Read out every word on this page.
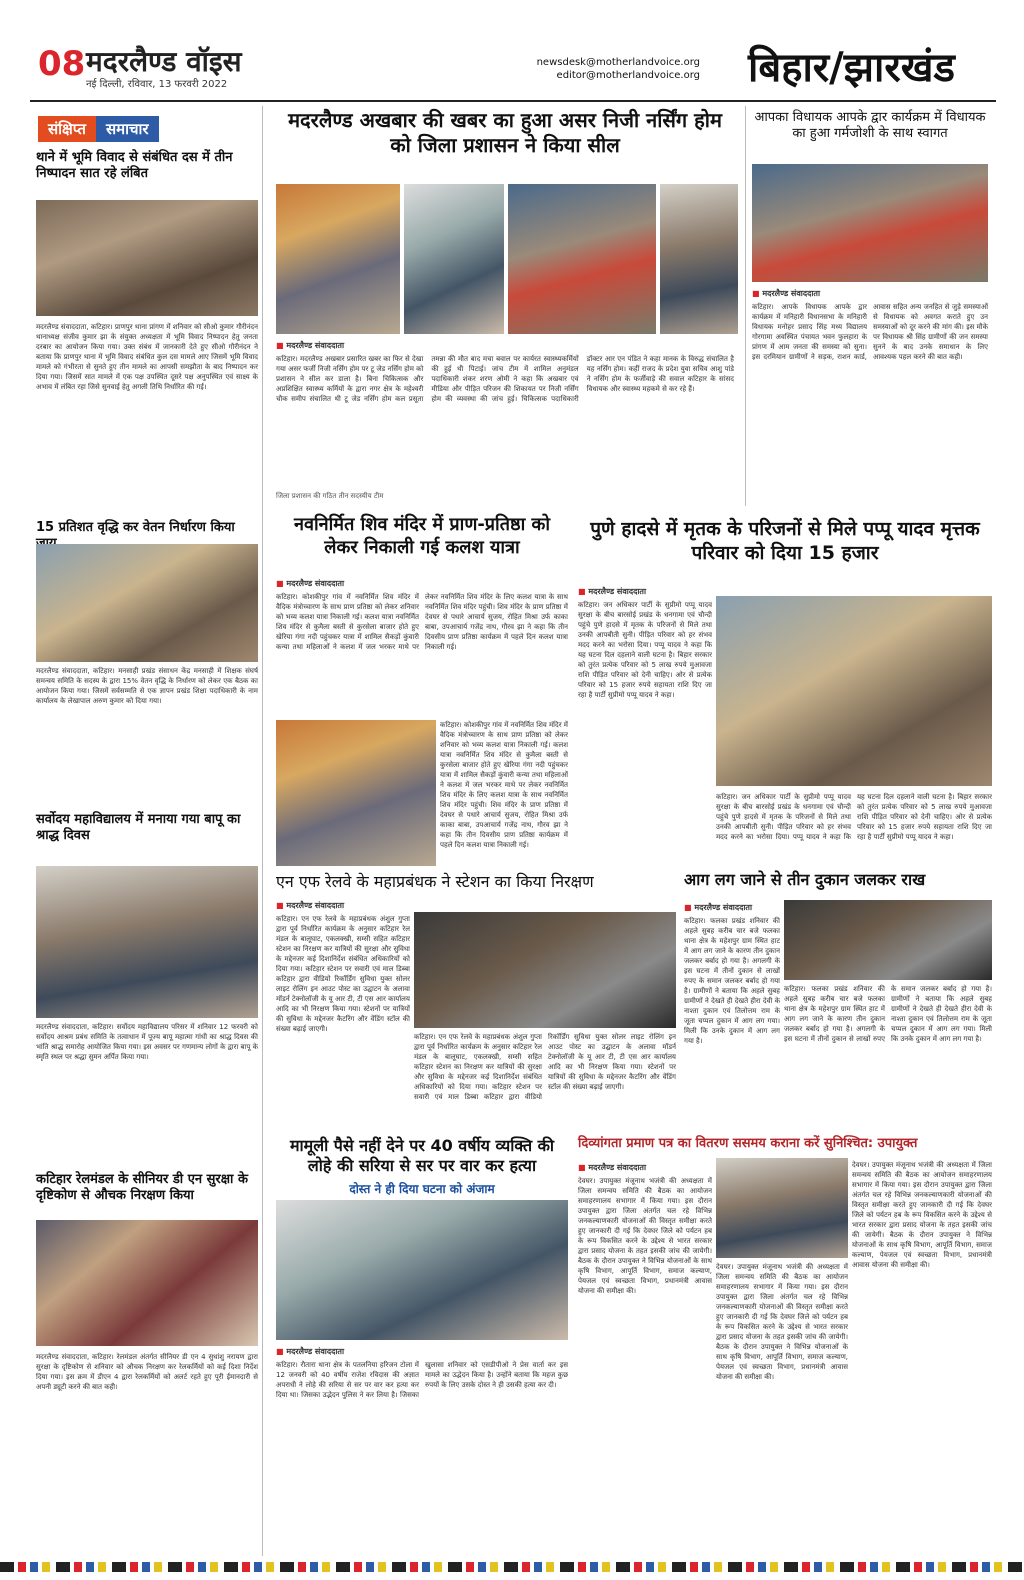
08 मदरलैण्ड वॉइस
नई दिल्ली, रविवार, 13 फरवरी 2022
newsdesk@motherlandvoice.org
editor@motherlandvoice.org बिहार/झारखंड
संक्षिप्त	समाचार
थाने में भूमि विवाद से संबंधित दस में तीन निष्पादन सात रहे लंबित
मदरलैण्ड संवाददाता, कटिहार। प्राणपुर थाना प्रांगण में शनिवार को सीओ कुमार गौरीनंदन थानाध्यक्ष संजीव कुमार झा के संयुक्त अध्यक्षता में भूमि विवाद निष्पादन हेतु जनता दरबार का आयोजन किया गया। उक्त संबंध में जानकारी देते हुए सीओ गौरीनंदन ने बताया कि प्राणपुर थाना में भूमि विवाद संबंधित कुल दस मामले आए जिसमें भूमि विवाद मामले को गंभीरता से सुनते हुए तीन मामले का आपसी समझौता के बाद निष्पादन कर दिया गया। जिसमें सात मामले में एक पक्ष उपस्थित दूसरे पक्ष अनुपस्थित एवं साक्ष्य के अभाव में लंबित रहा जिसे सुनवाई हेतु अगली तिथि निर्धारित की गई।
15 प्रतिशत वृद्धि कर वेतन निर्धारण किया
मदरलैण्ड संवाददाता, कटिहार। मनसाही प्रखंड संसाधन केंद्र मनसाही में शिक्षक संघर्ष समन्वय समिति के सदस्य के द्वारा 15% वेतन वृद्धि के निर्धारण को लेकर एक बैठक का आयोजन किया गया। जिसमें सर्वसम्मति से एक ज्ञापन प्रखंड शिक्षा पदाधिकारी के नाम कार्यालय के लेखापाल अरुण कुमार को दिया गया।
सर्वोदय महाविद्यालय में मनाया गया बापू का श्राद्ध दिवस
मदरलैण्ड संवाददाता, कटिहार। सर्वोदय महाविद्यालय परिसर में शनिवार 12 फरवरी को सर्वोदय आश्रम प्रबंध समिति के तत्वाधान में पूज्य बापू महात्मा गांधी का श्राद्ध दिवस की भांति श्राद्ध समारोह आयोजित किया गया। इस अवसर पर गणमान्य लोगों के द्वारा बापू के स्मृति स्थल पर श्रद्धा सुमन अर्पित किया गया।
कटिहार रेलमंडल के सीनियर डी एन सुरक्षा के दृष्टिकोण से औचक निरक्षण किया
मदरलैण्ड संवाददाता, कटिहार। रेलमंडल अंतर्गत सीनियर डी एन 4 सुधांशु नरायण द्वारा सुरक्षा के दृष्टिकोण से शनिवार को औचक निरक्षण कर रेलकर्मियों को कई दिशा निर्देश दिया गया। इस क्रम में डीएन 4 द्वारा रेलकर्मियों को अलर्ट रहते हुए पूरी ईमानदारी से अपनी ड्यूटी करने की बात कही।
मदरलैण्ड अखबार की खबर का हुआ असर निजी नर्सिंग होम को जिला प्रशासन ने किया सील
■ मदरलैण्ड संवाददाता
कटिहार। मदरलैण्ड अखबार प्रसारित खबर का फिर से देखा गया असर फर्जी निजी नर्सिंग होम पर टू जेड नर्सिंग होम को प्रशासन ने सील कर डाला है। बिना चिकित्सक और अप्रशिक्षित स्वास्थ्य कर्मियों के द्वारा नगर क्षेत्र के महेश्वरी चौक समीप संचालित थी टू जेड नर्सिंग होम कल प्रसूता तमन्ना की मौत बाद मचा बवाल पर कार्यरत स्वास्थ्यकर्मियों की हुई थी पिटाई। जांच टीम में शामिल अनुमंडल पदाधिकारी शंकर शरण ओमी ने कहा कि अखबार एवं मीडिया और पीड़ित परिजन की शिकायत पर निजी नर्सिंग होम की व्यवस्था की जांच हुई। चिकित्सक पदाधिकारी डॉक्टर आर एन पंडित ने कहा मानक के विरुद्ध संचालित है यह नर्सिंग होम। कहीं राजद के प्रदेश युवा सचिव आशु पांडे ने नर्सिंग होम के फर्जीवाड़े की सवाल कटिहार के सांसद विधायक और स्वास्थ्य महकमे से कर रहे हैं।
जिला प्रशासन की गठित तीन सदस्यीय टीम
आपका विधायक आपके द्वार कार्यक्रम में विधायक का हुआ गर्मजोशी के साथ स्वागत
■ मदरलैण्ड संवाददाता
कटिहार। आपके विधायक आपके द्वार कार्यक्रम में मनिहारी विधानसभा के मनिहारी विधायक मनोहर प्रसाद सिंह मध्य विद्यालय गोरगामा अवस्थित पंचायत भवन फुलहारा के प्रांगण में आम जनता की समस्या को सुना। इस दरमियान ग्रामीणों ने सड़क, राशन कार्ड, आवास सहित अन्य जनहित से जुड़े समस्याओं से विधायक को अवगत कराते हुए उन समस्याओं को दूर करने की मांग की। इस मौके पर विधायक श्री सिंह ग्रामीणों की जन समस्या सुनने के बाद उनके समाधान के लिए आवश्यक पहल करने की बात कही।
नवनिर्मित शिव मंदिर में प्राण-प्रतिष्ठा को लेकर निकाली गई कलश यात्रा
■ मदरलैण्ड संवाददाता
कटिहार। कोशकीपुर गांव में नवनिर्मित शिव मंदिर में वैदिक मंत्रोच्चारण के साथ प्राण प्रतिष्ठा को लेकर शनिवार को भव्य कलश यात्रा निकाली गई। कलश यात्रा नवनिर्मित शिव मंदिर से कुमैला बस्ती से कुरसेला बाजार होते हुए खेरिया गंगा नदी पहुंचकर यात्रा में शामिल सैकड़ों कुंवारी कन्या तथा महिलाओं ने कलश में जल भरकर माथे पर लेकर नवनिर्मित शिव मंदिर के लिए कलश यात्रा के साथ नवनिर्मित शिव मंदिर पहुंची। शिव मंदिर के प्राण प्रतिष्ठा में देवघर से पधारे आचार्य सुजय, रोहित मिश्रा उर्फ काका बाबा, उपआचार्य गजेंद्र नाथ, गौरव झा ने कहा कि तीन दिवसीय प्राण प्रतिष्ठा कार्यक्रम में पहले दिन कलश यात्रा निकाली गई।
कटिहार। कोशकीपुर गांव में नवनिर्मित शिव मंदिर में वैदिक मंत्रोच्चारण के साथ प्राण प्रतिष्ठा को लेकर शनिवार को भव्य कलश यात्रा निकाली गई। कलश यात्रा नवनिर्मित शिव मंदिर से कुमैला बस्ती से कुरसेला बाजार होते हुए खेरिया गंगा नदी पहुंचकर यात्रा में शामिल सैकड़ों कुंवारी कन्या तथा महिलाओं ने कलश में जल भरकर माथे पर लेकर नवनिर्मित शिव मंदिर के लिए कलश यात्रा के साथ नवनिर्मित शिव मंदिर पहुंची। शिव मंदिर के प्राण प्रतिष्ठा में देवघर से पधारे आचार्य सुजय, रोहित मिश्रा उर्फ काका बाबा, उपआचार्य गजेंद्र नाथ, गौरव झा ने कहा कि तीन दिवसीय प्राण प्रतिष्ठा कार्यक्रम में पहले दिन कलश यात्रा निकाली गई।
पुणे हादसे में मृतक के परिजनों से मिले पप्पू यादव मृत्तक परिवार को दिया 15 हजार
■ मदरलैण्ड संवाददाता
कटिहार। जन अधिकार पार्टी के सुप्रीमो पप्पू यादव सुरक्षा के बीच बारसोई प्रखंड के धनगामा एवं चौन्दी पहुंचे पुणे हादसे में मृतक के परिजनों से मिले तथा उनकी आपबीती सुनी। पीड़ित परिवार को हर संभव मदद करने का भरोसा दिया। पप्पू यादव ने कहा कि यह घटना दिल दहलाने वाली घटना है। बिहार सरकार को तुरंत प्रत्येक परिवार को 5 लाख रुपये मुआवजा राशि पीड़ित परिवार को देनी चाहिए। ओर से प्रत्येक परिवार को 15 हजार रुपये सहायता राशि दिए जा रहा है पार्टी सुप्रीमो पप्पू यादव ने कहा।
कटिहार। जन अधिकार पार्टी के सुप्रीमो पप्पू यादव सुरक्षा के बीच बारसोई प्रखंड के धनगामा एवं चौन्दी पहुंचे पुणे हादसे में मृतक के परिजनों से मिले तथा उनकी आपबीती सुनी। पीड़ित परिवार को हर संभव मदद करने का भरोसा दिया। पप्पू यादव ने कहा कि यह घटना दिल दहलाने वाली घटना है। बिहार सरकार को तुरंत प्रत्येक परिवार को 5 लाख रुपये मुआवजा राशि पीड़ित परिवार को देनी चाहिए। ओर से प्रत्येक परिवार को 15 हजार रुपये सहायता राशि दिए जा रहा है पार्टी सुप्रीमो पप्पू यादव ने कहा।
एन एफ रेलवे के महाप्रबंधक ने स्टेशन का किया निरक्षण
■ मदरलैण्ड संवाददाता
कटिहार। एन एफ रेलवे के महाप्रबंधक अंशुल गुप्ता द्वारा पूर्व निर्धारित कार्यक्रम के अनुसार कटिहार रेल मंडल के बालूघाट, एकलक्खी, सम्सी सहित कटिहार स्टेशन का निरक्षण कर यात्रियों की सुरक्षा और सुविधा के मद्देनजर कई दिशानिर्देश संबंधित अधिकारियों को दिया गया। कटिहार स्टेशन पर सवारी एवं माल डिब्बा कटिहार द्वारा वीडियो रिकॉर्डिंग सुविधा युक्त सोलर लाइट रोलिंग इन आउट पोस्ट का उद्घाटन के अलावा मॉडर्न टेक्नोलॉजी के यू आर टी, टी एस आर कार्यालय आदि का भी निरक्षण किया गया। स्टेशनों पर यात्रियों की सुविधा के मद्देनजर कैटरिंग और वेंडिंग स्टॉल की संख्या बढ़ाई जाएगी।
कटिहार। एन एफ रेलवे के महाप्रबंधक अंशुल गुप्ता द्वारा पूर्व निर्धारित कार्यक्रम के अनुसार कटिहार रेल मंडल के बालूघाट, एकलक्खी, सम्सी सहित कटिहार स्टेशन का निरक्षण कर यात्रियों की सुरक्षा और सुविधा के मद्देनजर कई दिशानिर्देश संबंधित अधिकारियों को दिया गया। कटिहार स्टेशन पर सवारी एवं माल डिब्बा कटिहार द्वारा वीडियो रिकॉर्डिंग सुविधा युक्त सोलर लाइट रोलिंग इन आउट पोस्ट का उद्घाटन के अलावा मॉडर्न टेक्नोलॉजी के यू आर टी, टी एस आर कार्यालय आदि का भी निरक्षण किया गया। स्टेशनों पर यात्रियों की सुविधा के मद्देनजर कैटरिंग और वेंडिंग स्टॉल की संख्या बढ़ाई जाएगी।
आग लग जाने से तीन दुकान जलकर राख
■ मदरलैण्ड संवाददाता
कटिहार। फलका प्रखंड शनिवार की अहले सुबह करीब चार बजे फलका थाना क्षेत्र के महेशपुर ग्राम स्थित हाट में आग लग जाने के कारण तीन दुकान जलकर बर्बाद हो गया है। अगलगी के इस घटना में तीनों दुकान से लाखों रुपए के समान जलकर बर्बाद हो गया है। ग्रामीणों ने बताया कि अहले सुबह ग्रामीणों ने देखते ही देखते हीरा देवी के नाश्ता दुकान एवं तिलोत्तम राम के जूता चप्पल दुकान में आग लग गया। मिली कि उनके दुकान में आग लग गया है।
कटिहार। फलका प्रखंड शनिवार की अहले सुबह करीब चार बजे फलका थाना क्षेत्र के महेशपुर ग्राम स्थित हाट में आग लग जाने के कारण तीन दुकान जलकर बर्बाद हो गया है। अगलगी के इस घटना में तीनों दुकान से लाखों रुपए के समान जलकर बर्बाद हो गया है। ग्रामीणों ने बताया कि अहले सुबह ग्रामीणों ने देखते ही देखते हीरा देवी के नाश्ता दुकान एवं तिलोत्तम राम के जूता चप्पल दुकान में आग लग गया। मिली कि उनके दुकान में आग लग गया है।
मामूली पैसे नहीं देने पर 40 वर्षीय व्यक्ति की लोहे की सरिया से सर पर वार कर हत्या
दोस्त ने ही दिया घटना को अंजाम
■ मदरलैण्ड संवाददाता
कटिहार। रौतारा थाना क्षेत्र के पतलनिया हरिजन टोला में 12 जनवरी को 40 वर्षीय राजेश रविदास की अज्ञात अपराधी ने लोहे की सरिया से सर पर वार कर हत्या कर दिया था। जिसका उद्भेदन पुलिस ने कर लिया है। जिसका खुलासा शनिवार को एसडीपीओ ने प्रेस वार्ता कर इस मामले का उद्भेदन किया है। उन्होंने बताया कि महज कुछ रुपयों के लिए उसके दोस्त ने ही उसकी हत्या कर दी।
दिव्यांगता प्रमाण पत्र का वितरण ससमय कराना करें सुनिश्चित: उपायुक्त
■ मदरलैण्ड संवाददाता
देवघर। उपायुक्त मंजूनाथ भजंत्री की अध्यक्षता में जिला समन्वय समिति की बैठक का आयोजन समाहरणालय सभागार में किया गया। इस दौरान उपायुक्त द्वारा जिला अंतर्गत चल रहे विभिन्न जनकल्याणकारी योजनाओं की विस्तृत समीक्षा करते हुए जानकारी दी गई कि देवघर जिले को पर्यटन हब के रूप विकसित करने के उद्देश्य से भारत सरकार द्वारा प्रसाद योजना के तहत इसकी जांच की जायेगी। बैठक के दौरान उपायुक्त ने विभिन्न योजनाओं के साथ कृषि विभाग, आपूर्ति विभाग, समाज कल्याण, पेयजल एवं स्वच्छता विभाग, प्रधानमंत्री आवास योजना की समीक्षा की।
देवघर। उपायुक्त मंजूनाथ भजंत्री की अध्यक्षता में जिला समन्वय समिति की बैठक का आयोजन समाहरणालय सभागार में किया गया। इस दौरान उपायुक्त द्वारा जिला अंतर्गत चल रहे विभिन्न जनकल्याणकारी योजनाओं की विस्तृत समीक्षा करते हुए जानकारी दी गई कि देवघर जिले को पर्यटन हब के रूप विकसित करने के उद्देश्य से भारत सरकार द्वारा प्रसाद योजना के तहत इसकी जांच की जायेगी। बैठक के दौरान उपायुक्त ने विभिन्न योजनाओं के साथ कृषि विभाग, आपूर्ति विभाग, समाज कल्याण, पेयजल एवं स्वच्छता विभाग, प्रधानमंत्री आवास योजना की समीक्षा की।
देवघर। उपायुक्त मंजूनाथ भजंत्री की अध्यक्षता में जिला समन्वय समिति की बैठक का आयोजन समाहरणालय सभागार में किया गया। इस दौरान उपायुक्त द्वारा जिला अंतर्गत चल रहे विभिन्न जनकल्याणकारी योजनाओं की विस्तृत समीक्षा करते हुए जानकारी दी गई कि देवघर जिले को पर्यटन हब के रूप विकसित करने के उद्देश्य से भारत सरकार द्वारा प्रसाद योजना के तहत इसकी जांच की जायेगी। बैठक के दौरान उपायुक्त ने विभिन्न योजनाओं के साथ कृषि विभाग, आपूर्ति विभाग, समाज कल्याण, पेयजल एवं स्वच्छता विभाग, प्रधानमंत्री आवास योजना की समीक्षा की।
